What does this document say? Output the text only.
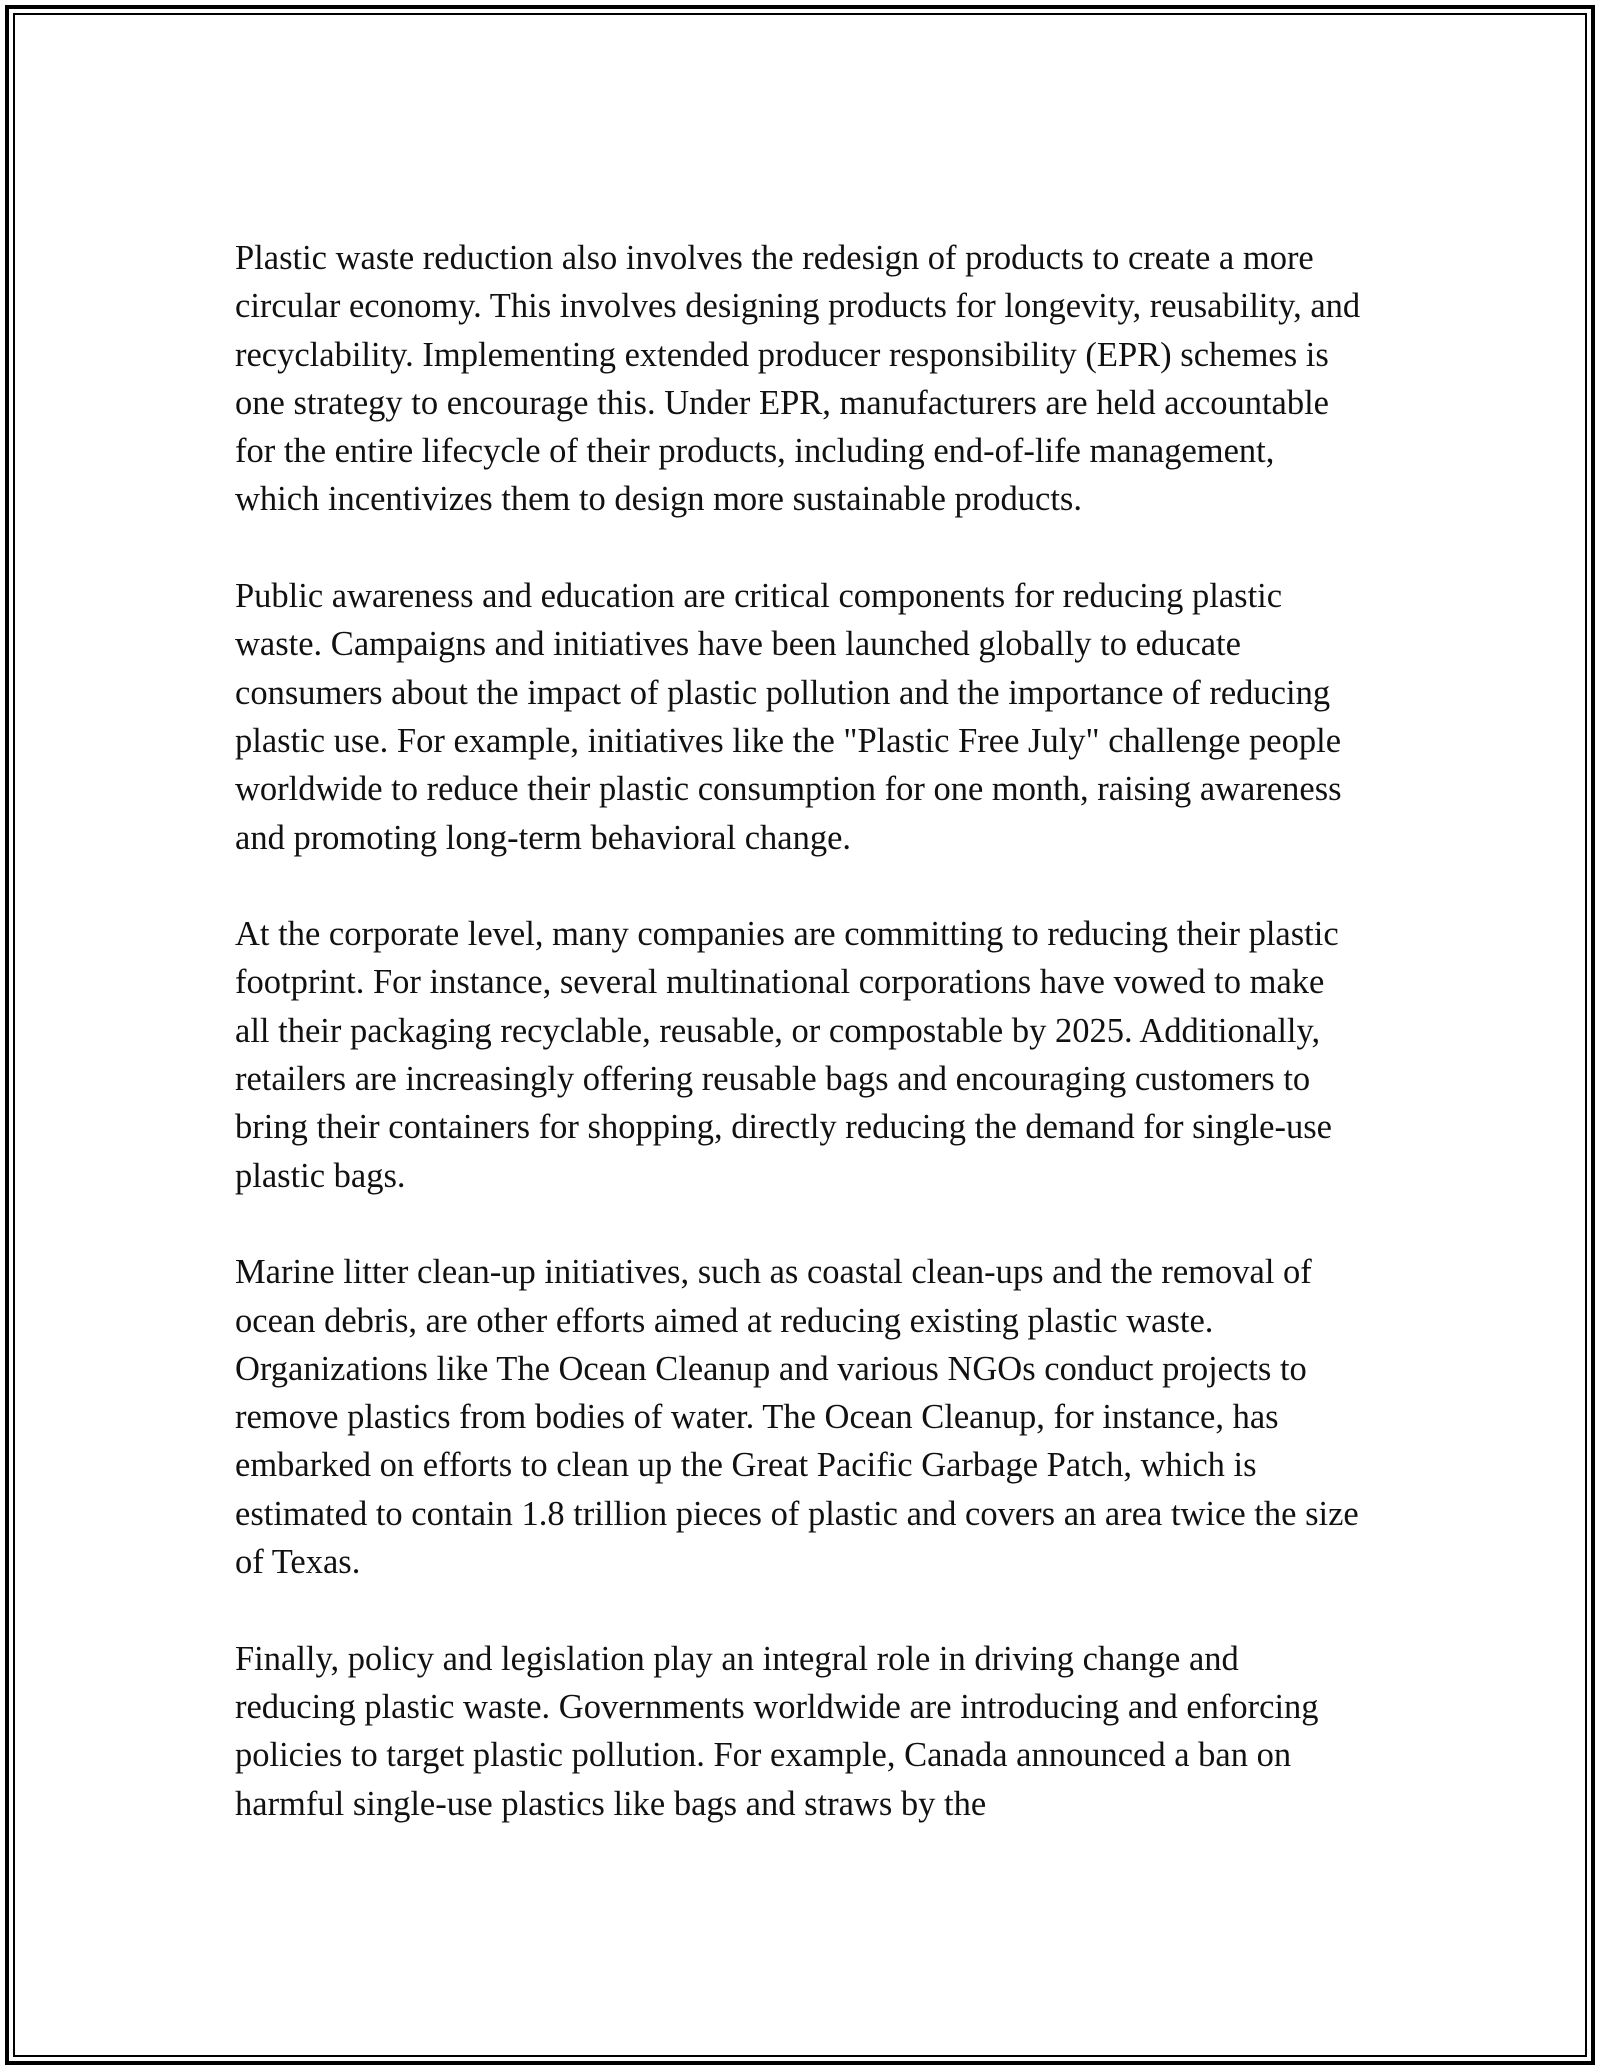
Plastic waste reduction also involves the redesign of products to create a more circular economy. This involves designing products for longevity, reusability, and recyclability. Implementing extended producer responsibility (EPR) schemes is one strategy to encourage this. Under EPR, manufacturers are held accountable for the entire lifecycle of their products, including end-of-life management, which incentivizes them to design more sustainable products.

Public awareness and education are critical components for reducing plastic waste. Campaigns and initiatives have been launched globally to educate consumers about the impact of plastic pollution and the importance of reducing plastic use. For example, initiatives like the "Plastic Free July" challenge people worldwide to reduce their plastic consumption for one month, raising awareness and promoting long-term behavioral change.

At the corporate level, many companies are committing to reducing their plastic footprint. For instance, several multinational corporations have vowed to make all their packaging recyclable, reusable, or compostable by 2025. Additionally, retailers are increasingly offering reusable bags and encouraging customers to bring their containers for shopping, directly reducing the demand for single-use plastic bags.

Marine litter clean-up initiatives, such as coastal clean-ups and the removal of ocean debris, are other efforts aimed at reducing existing plastic waste. Organizations like The Ocean Cleanup and various NGOs conduct projects to remove plastics from bodies of water. The Ocean Cleanup, for instance, has embarked on efforts to clean up the Great Pacific Garbage Patch, which is estimated to contain 1.8 trillion pieces of plastic and covers an area twice the size of Texas.

Finally, policy and legislation play an integral role in driving change and reducing plastic waste. Governments worldwide are introducing and enforcing policies to target plastic pollution. For example, Canada announced a ban on harmful single-use plastics like bags and straws by the
